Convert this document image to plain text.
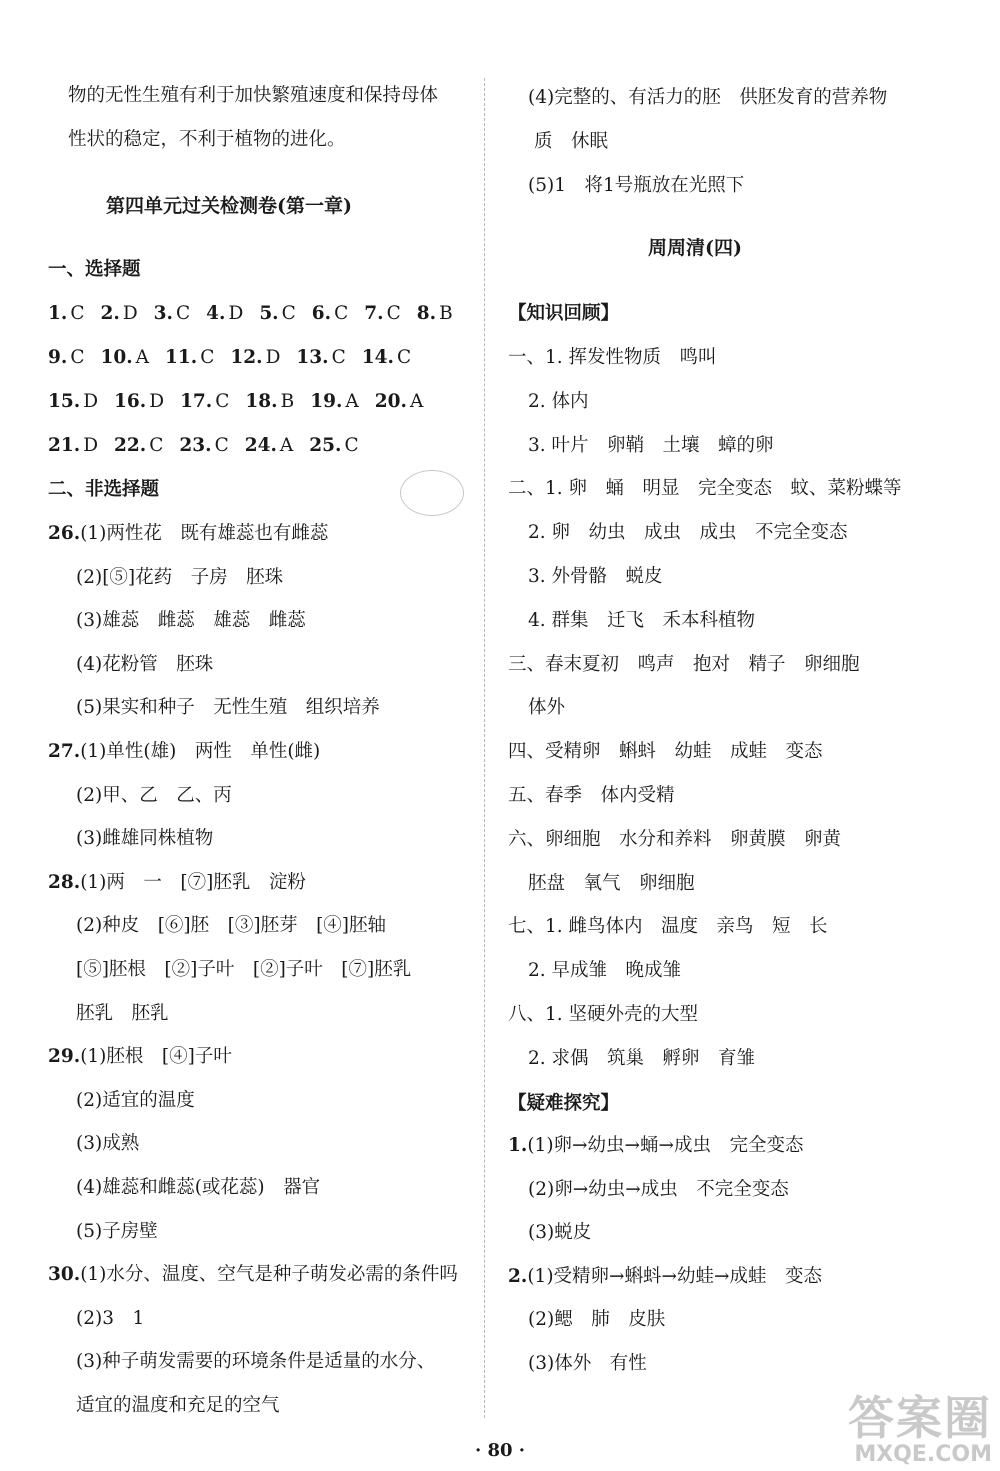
物的无性生殖有利于加快繁殖速度和保持母体
性状的稳定，不利于植物的进化。
第四单元过关检测卷(第一章)
一、选择题
1. C 2. D 3. C 4. D 5. C 6. C 7. C 8. B
9. C 10. A 11. C 12. D 13. C 14. C
15. D 16. D 17. C 18. B 19. A 20. A
21. D 22. C 23. C 24. A 25. C
二、非选择题
26.(1)两性花　既有雄蕊也有雌蕊
(2)[⑤]花药　子房　胚珠
(3)雄蕊　雌蕊　雄蕊　雌蕊
(4)花粉管　胚珠
(5)果实和种子　无性生殖　组织培养
27.(1)单性(雄)　两性　单性(雌)
(2)甲、乙　乙、丙
(3)雌雄同株植物
28.(1)两　一　[⑦]胚乳　淀粉
(2)种皮　[⑥]胚　[③]胚芽　[④]胚轴
[⑤]胚根　[②]子叶　[②]子叶　[⑦]胚乳
胚乳　胚乳
29.(1)胚根　[④]子叶
(2)适宜的温度
(3)成熟
(4)雄蕊和雌蕊(或花蕊)　器官
(5)子房壁
30.(1)水分、温度、空气是种子萌发必需的条件吗
(2)3　1
(3)种子萌发需要的环境条件是适量的水分、
适宜的温度和充足的空气
(4)完整的、有活力的胚　供胚发育的营养物
质　休眠
(5)1　将1号瓶放在光照下
周周清(四)
【知识回顾】
一、1. 挥发性物质　鸣叫
2. 体内
3. 叶片　卵鞘　土壤　蟑的卵
二、1. 卵　蛹　明显　完全变态　蚊、菜粉蝶等
2. 卵　幼虫　成虫　成虫　不完全变态
3. 外骨骼　蜕皮
4. 群集　迁飞　禾本科植物
三、春末夏初　鸣声　抱对　精子　卵细胞
体外
四、受精卵　蝌蚪　幼蛙　成蛙　变态
五、春季　体内受精
六、卵细胞　水分和养料　卵黄膜　卵黄
胚盘　氧气　卵细胞
七、1. 雌鸟体内　温度　亲鸟　短　长
2. 早成雏　晚成雏
八、1. 坚硬外壳的大型
2. 求偶　筑巢　孵卵　育雏
【疑难探究】
1.(1)卵→幼虫→蛹→成虫　完全变态
(2)卵→幼虫→成虫　不完全变态
(3)蜕皮
2.(1)受精卵→蝌蚪→幼蛙→成蛙　变态
(2)鳃　肺　皮肤
(3)体外　有性
· 80 ·
答案圈
MXQE.COM
